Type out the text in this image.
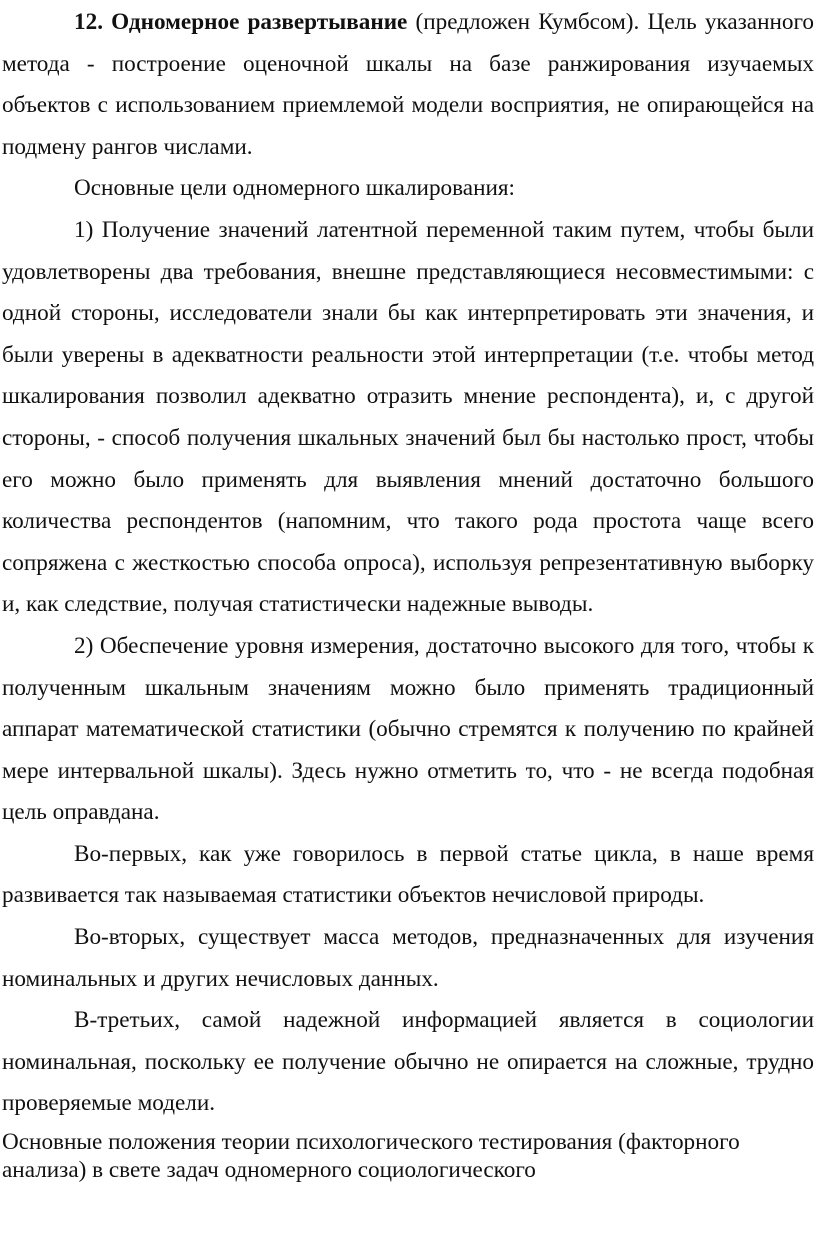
12. Одномерное развертывание (предложен Кумбсом). Цель указанного метода - построение оценочной шкалы на базе ранжирования изучаемых объектов с использованием приемлемой модели восприятия, не опирающейся на подмену рангов числами.

Основные цели одномерного шкалирования:

1) Получение значений латентной переменной таким путем, чтобы были удовлетворены два требования, внешне представляющиеся несовместимыми: с одной стороны, исследователи знали бы как интерпретировать эти значения, и были уверены в адекватности реальности этой интерпретации (т.е. чтобы метод шкалирования позволил адекватно отразить мнение респондента), и, с другой стороны, - способ получения шкальных значений был бы настолько прост, чтобы его можно было применять для выявления мнений достаточно большого количества респондентов (напомним, что такого рода простота чаще всего сопряжена с жесткостью способа опроса), используя репрезентативную выборку и, как следствие, получая статистически надежные выводы.

2) Обеспечение уровня измерения, достаточно высокого для того, чтобы к полученным шкальным значениям можно было применять традиционный аппарат математической статистики (обычно стремятся к получению по крайней мере интервальной шкалы). Здесь нужно отметить то, что - не всегда подобная цель оправдана.

Во-первых, как уже говорилось в первой статье цикла, в наше время развивается так называемая статистики объектов нечисловой природы.

Во-вторых, существует масса методов, предназначенных для изучения номинальных и других нечисловых данных.

В-третьих, самой надежной информацией является в социологии номинальная, поскольку ее получение обычно не опирается на сложные, трудно проверяемые модели.

Основные положения теории психологического тестирования (факторного анализа) в свете задач одномерного социологического
